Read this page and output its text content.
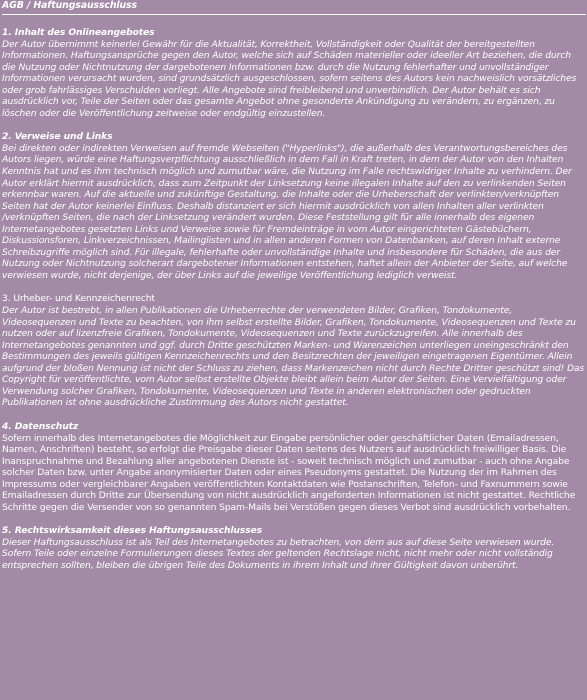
AGB / Haftungsausschluss
1. Inhalt des Onlineangebotes
Der Autor übernimmt keinerlei Gewähr für die Aktualität, Korrektheit, Vollständigkeit oder Qualität der bereitgestellten Informationen. Haftungsansprüche gegen den Autor, welche sich auf Schäden materieller oder ideeller Art beziehen, die durch die Nutzung oder Nichtnutzung der dargebotenen Informationen bzw. durch die Nutzung fehlerhafter und unvollständiger Informationen verursacht wurden, sind grundsätzlich ausgeschlossen, sofern seitens des Autors kein nachweislich vorsätzliches oder grob fahrlässiges Verschulden vorliegt. Alle Angebote sind freibleibend und unverbindlich. Der Autor behält es sich ausdrücklich vor, Teile der Seiten oder das gesamte Angebot ohne gesonderte Ankündigung zu verändern, zu ergänzen, zu löschen oder die Veröffentlichung zeitweise oder endgültig einzustellen.
2. Verweise und Links
Bei direkten oder indirekten Verweisen auf fremde Webseiten ("Hyperlinks"), die außerhalb des Verantwortungsbereiches des Autors liegen, würde eine Haftungsverpflichtung ausschließlich in dem Fall in Kraft treten, in dem der Autor von den Inhalten Kenntnis hat und es ihm technisch möglich und zumutbar wäre, die Nutzung im Falle rechtswidriger Inhalte zu verhindern. Der Autor erklärt hiermit ausdrücklich, dass zum Zeitpunkt der Linksetzung keine illegalen Inhalte auf den zu verlinkenden Seiten erkennbar waren. Auf die aktuelle und zukünftige Gestaltung, die Inhalte oder die Urheberschaft der verlinkten/verknüpften Seiten hat der Autor keinerlei Einfluss. Deshalb distanziert er sich hiermit ausdrücklich von allen Inhalten aller verlinkten /verknüpften Seiten, die nach der Linksetzung verändert wurden. Diese Feststellung gilt für alle innerhalb des eigenen Internetangebotes gesetzten Links und Verweise sowie für Fremdeinträge in vom Autor eingerichteten Gästebüchern, Diskussionsforen, Linkverzeichnissen, Mailinglisten und in allen anderen Formen von Datenbanken, auf deren Inhalt externe Schreibzugriffe möglich sind. Für illegale, fehlerhafte oder unvollständige Inhalte und insbesondere für Schäden, die aus der Nutzung oder Nichtnutzung solcherart dargebotener Informationen entstehen, haftet allein der Anbieter der Seite, auf welche verwiesen wurde, nicht derjenige, der über Links auf die jeweilige Veröffentlichung lediglich verweist.
3. Urheber- und Kennzeichenrecht
Der Autor ist bestrebt, in allen Publikationen die Urheberrechte der verwendeten Bilder, Grafiken, Tondokumente, Videosequenzen und Texte zu beachten, von ihm selbst erstellte Bilder, Grafiken, Tondokumente, Videosequenzen und Texte zu nutzen oder auf lizenzfreie Grafiken, Tondokumente, Videosequenzen und Texte zurückzugreifen. Alle innerhalb des Internetangebotes genannten und ggf. durch Dritte geschützten Marken- und Warenzeichen unterliegen uneingeschränkt den Bestimmungen des jeweils gültigen Kennzeichenrechts und den Besitzrechten der jeweiligen eingetragenen Eigentümer. Allein aufgrund der bloßen Nennung ist nicht der Schluss zu ziehen, dass Markenzeichen nicht durch Rechte Dritter geschützt sind! Das Copyright für veröffentlichte, vom Autor selbst erstellte Objekte bleibt allein beim Autor der Seiten. Eine Vervielfältigung oder Verwendung solcher Grafiken, Tondokumente, Videosequenzen und Texte in anderen elektronischen oder gedruckten Publikationen ist ohne ausdrückliche Zustimmung des Autors nicht gestattet.
4. Datenschutz
Sofern innerhalb des Internetangebotes die Möglichkeit zur Eingabe persönlicher oder geschäftlicher Daten (Emailadressen, Namen, Anschriften) besteht, so erfolgt die Preisgabe dieser Daten seitens des Nutzers auf ausdrücklich freiwilliger Basis. Die Inanspruchnahme und Bezahlung aller angebotenen Dienste ist - soweit technisch möglich und zumutbar - auch ohne Angabe solcher Daten bzw. unter Angabe anonymisierter Daten oder eines Pseudonyms gestattet. Die Nutzung der im Rahmen des Impressums oder vergleichbarer Angaben veröffentlichten Kontaktdaten wie Postanschriften, Telefon- und Faxnummern sowie Emailadressen durch Dritte zur Übersendung von nicht ausdrücklich angeforderten Informationen ist nicht gestattet. Rechtliche Schritte gegen die Versender von so genannten Spam-Mails bei Verstößen gegen dieses Verbot sind ausdrücklich vorbehalten.
5. Rechtswirksamkeit dieses Haftungsausschlusses
Dieser Haftungsausschluss ist als Teil des Internetangebotes zu betrachten, von dem aus auf diese Seite verwiesen wurde. Sofern Teile oder einzelne Formulierungen dieses Textes der geltenden Rechtslage nicht, nicht mehr oder nicht vollständig entsprechen sollten, bleiben die übrigen Teile des Dokuments in ihrem Inhalt und ihrer Gültigkeit davon unberührt.
